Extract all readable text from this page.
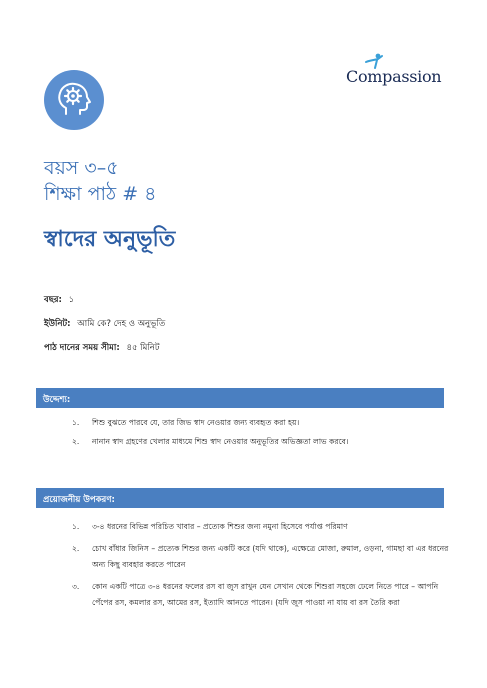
Compassion
বয়স ৩–৫
শিক্ষা পাঠ # ৪
স্বাদের অনুভূতি
বছর: ১
ইউনিট: আমি কে? দেহ ও অনুভূতি
পাঠ দানের সময় সীমা: ৪৫ মিনিট
উদ্দেশ্য:
১. শিশু বুঝতে পারবে যে, তার জিভ স্বাদ নেওয়ার জন্য ব্যবহৃত করা হয়।
২. নানান স্বাদ গ্রহণের খেলার মাধ্যমে শিশু স্বাদ নেওয়ার অনুভূতির অভিজ্ঞতা লাভ করবে।
প্রয়োজনীয় উপকরণ:
১. ৩-৪ ধরনের বিভিন্ন পরিচিত খাবার – প্রত্যেক শিশুর জন্য নমুনা হিসেবে পর্যাপ্ত পরিমাণ
২. চোখ বাঁধার জিনিস – প্রত্যেক শিশুর জন্য একটি করে (যদি থাকে), এক্ষেত্রে মোজা, রুমাল, ওড়না, গামছা বা এর ধরনের অন্য কিছু ব্যবহার করতে পারেন
৩. কোন একটি পাত্রে ৩-৪ ধরনের ফলের রস বা জুস রাখুন যেন সেখান থেকে শিশুরা সহজে ঢেলে নিতে পারে – আপনি পেঁপের রস, কমলার রস, আমের রস, ইত্যাদি আনতে পারেন। (যদি জুস পাওয়া না যায় বা রস তৈরি করা
